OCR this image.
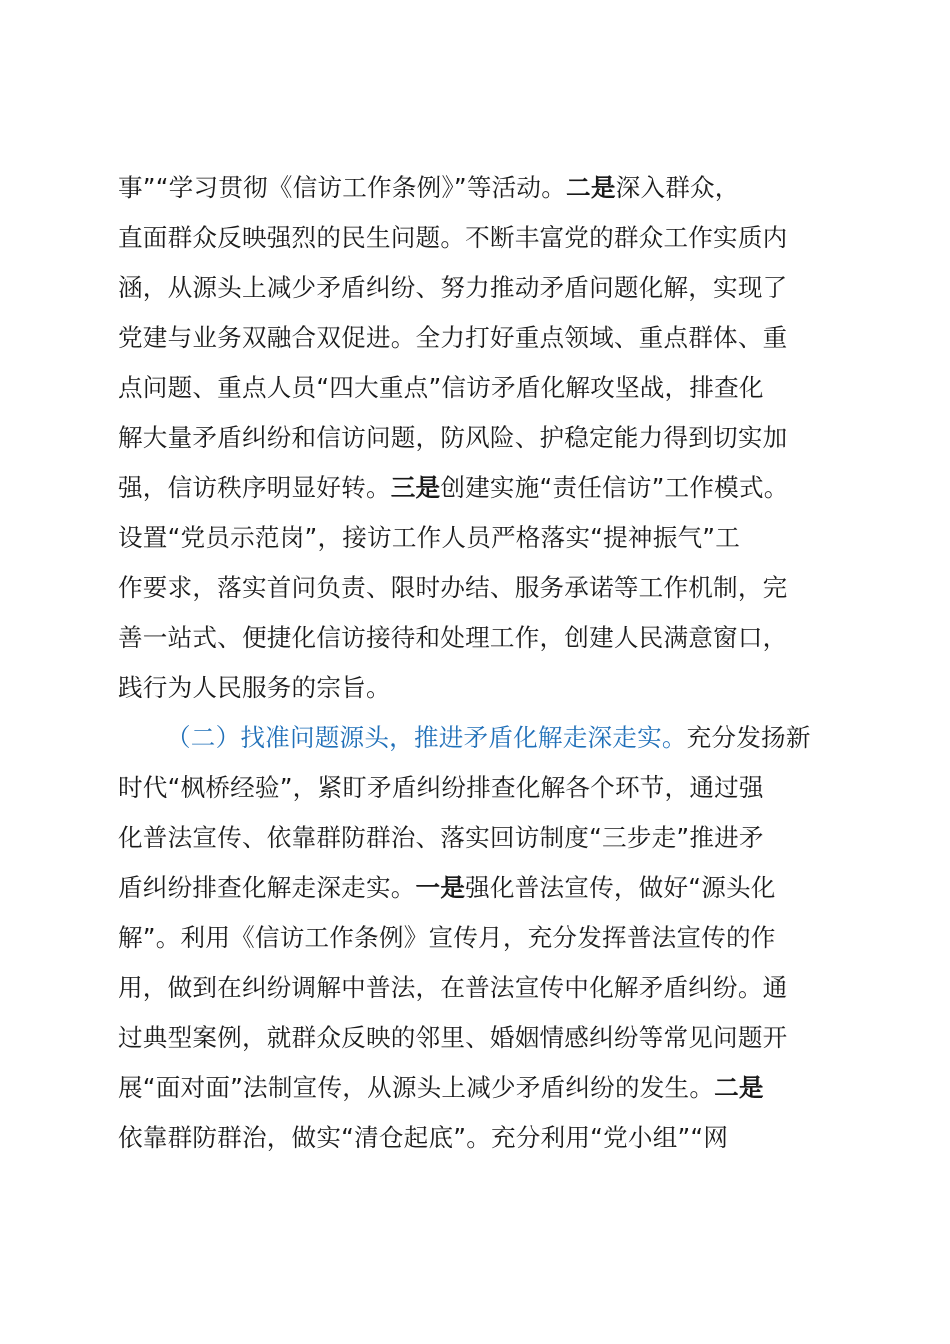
事”“学习贯彻《信访工作条例》”等活动。二是深入群众，
直面群众反映强烈的民生问题。不断丰富党的群众工作实质内
涵，从源头上减少矛盾纠纷、努力推动矛盾问题化解，实现了
党建与业务双融合双促进。全力打好重点领域、重点群体、重
点问题、重点人员“四大重点”信访矛盾化解攻坚战，排查化
解大量矛盾纠纷和信访问题，防风险、护稳定能力得到切实加
强，信访秩序明显好转。三是创建实施“责任信访”工作模式。
设置“党员示范岗”，接访工作人员严格落实“提神振气”工
作要求，落实首问负责、限时办结、服务承诺等工作机制，完
善一站式、便捷化信访接待和处理工作，创建人民满意窗口，
践行为人民服务的宗旨。
（二）找准问题源头，推进矛盾化解走深走实。充分发扬新
时代“枫桥经验”，紧盯矛盾纠纷排查化解各个环节，通过强
化普法宣传、依靠群防群治、落实回访制度“三步走”推进矛
盾纠纷排查化解走深走实。一是强化普法宣传，做好“源头化
解”。利用《信访工作条例》宣传月，充分发挥普法宣传的作
用，做到在纠纷调解中普法，在普法宣传中化解矛盾纠纷。通
过典型案例，就群众反映的邻里、婚姻情感纠纷等常见问题开
展“面对面”法制宣传，从源头上减少矛盾纠纷的发生。二是
依靠群防群治，做实“清仓起底”。充分利用“党小组”“网
